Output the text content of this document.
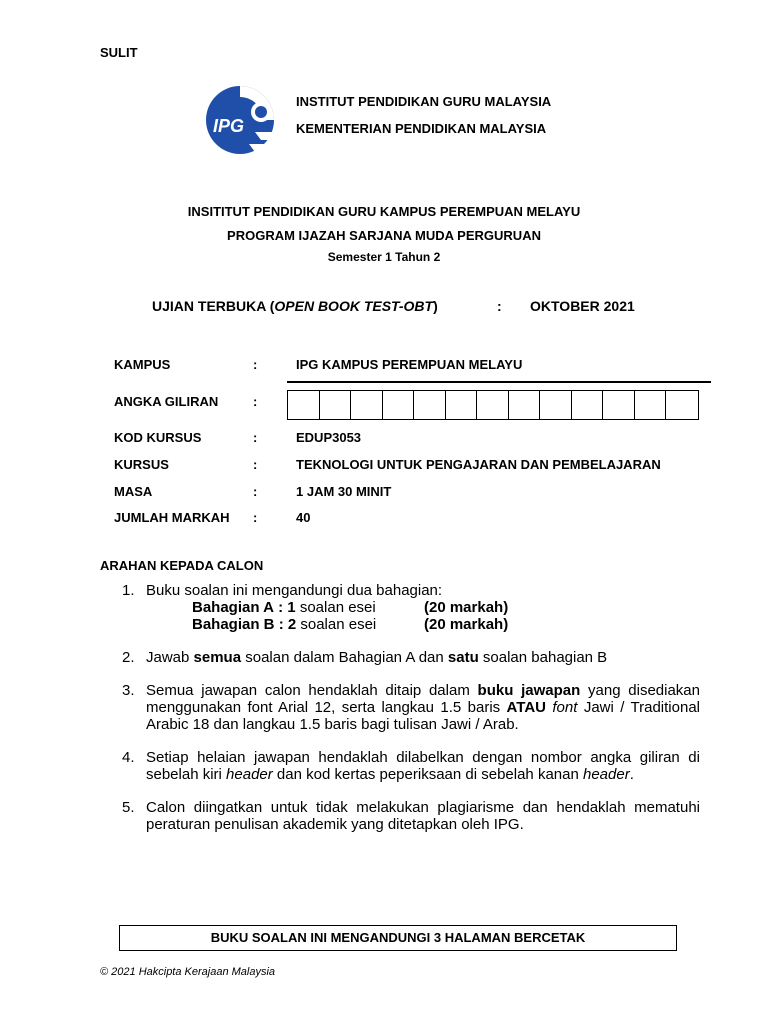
SULIT
IPG
INSTITUT PENDIDIKAN GURU MALAYSIA
KEMENTERIAN PENDIDIKAN MALAYSIA
INSITITUT PENDIDIKAN GURU KAMPUS PEREMPUAN MELAYU
PROGRAM IJAZAH SARJANA MUDA PERGURUAN
Semester 1 Tahun 2
UJIAN TERBUKA (OPEN BOOK TEST-OBT)	: OKTOBER 2021
KAMPUS	:	IPG KAMPUS PEREMPUAN MELAYU
ANGKA GILIRAN	:
KOD KURSUS	:	EDUP3053
KURSUS	:	TEKNOLOGI UNTUK PENGAJARAN DAN PEMBELAJARAN
MASA	:	1 JAM 30 MINIT
JUMLAH MARKAH :	40
ARAHAN KEPADA CALON
1. Buku soalan ini mengandungi dua bahagian:
Bahagian A : 1 soalan esei	(20 markah)
Bahagian B : 2 soalan esei	(20 markah)
2. Jawab semua soalan dalam Bahagian A dan satu soalan bahagian B
3. Semua jawapan calon hendaklah ditaip dalam buku jawapan yang disediakan menggunakan font Arial 12, serta langkau 1.5 baris ATAU font Jawi / Traditional Arabic 18 dan langkau 1.5 baris bagi tulisan Jawi / Arab.
4. Setiap helaian jawapan hendaklah dilabelkan dengan nombor angka giliran di sebelah kiri header dan kod kertas peperiksaan di sebelah kanan header.
5. Calon diingatkan untuk tidak melakukan plagiarisme dan hendaklah mematuhi peraturan penulisan akademik yang ditetapkan oleh IPG.
BUKU SOALAN INI MENGANDUNGI 3 HALAMAN BERCETAK
© 2021 Hakcipta Kerajaan Malaysia
